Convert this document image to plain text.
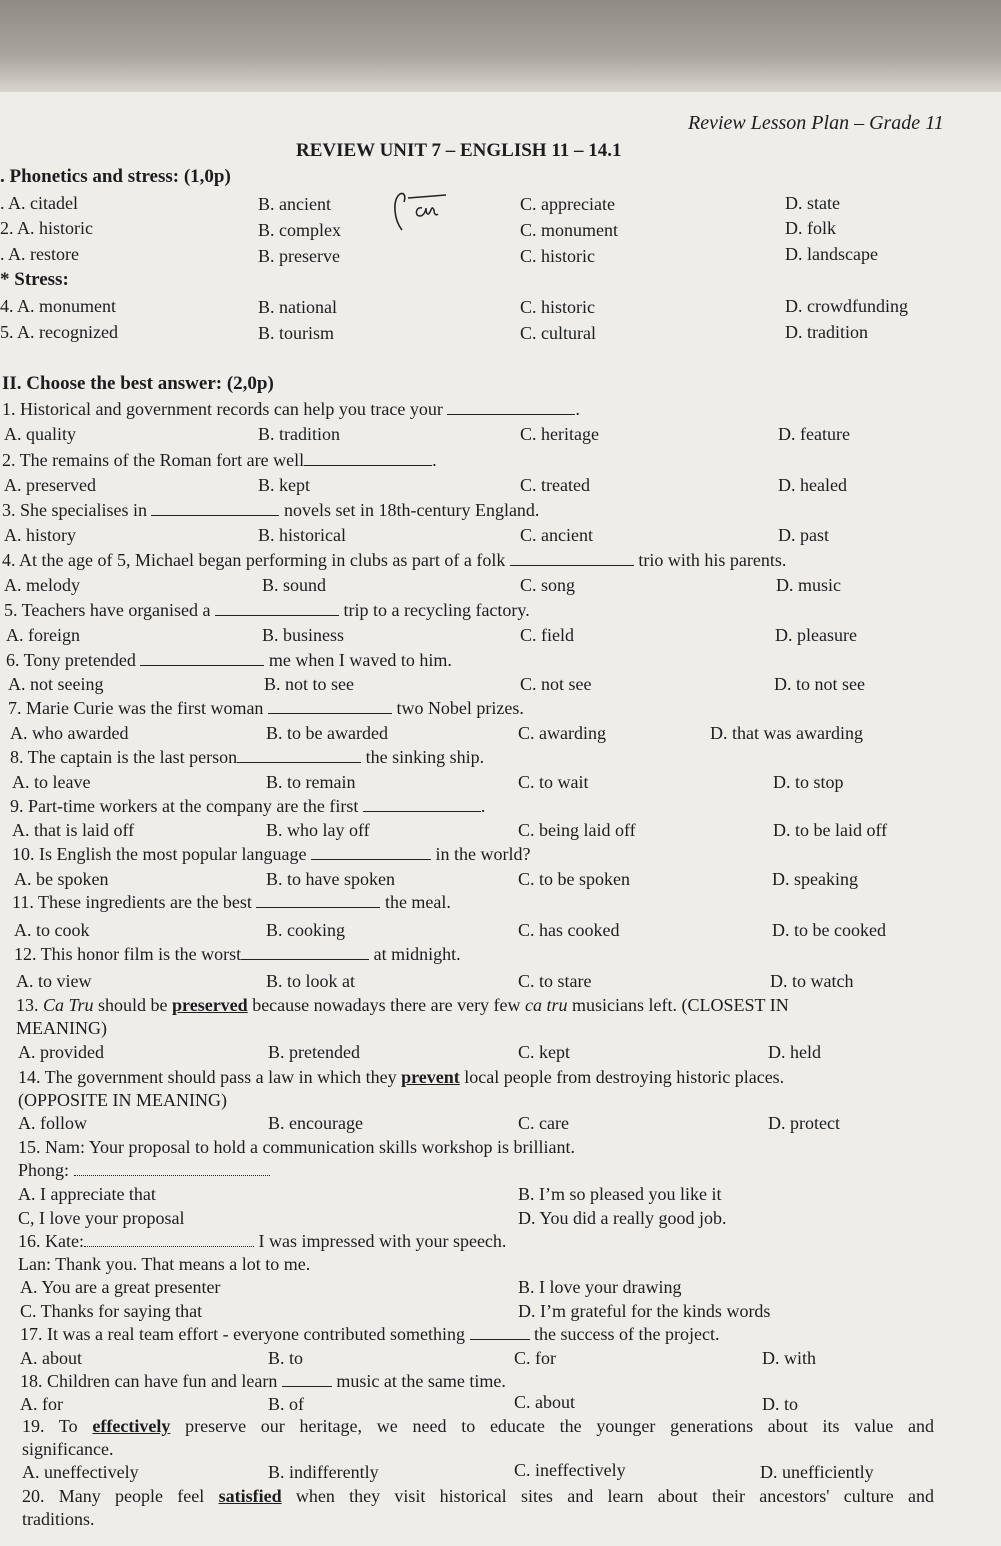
Review Lesson Plan – Grade 11
REVIEW UNIT 7 – ENGLISH 11 – 14.1
. Phonetics and stress: (1,0p)
. A. citadel	B. ancient	C. appreciate	D. state
2. A. historic	B. complex	C. monument	D. folk
. A. restore	B. preserve	C. historic	D. landscape
* Stress:
4. A. monument	B. national	C. historic	D. crowdfunding
5. A. recognized	B. tourism	C. cultural	D. tradition
II. Choose the best answer: (2,0p)
1. Historical and government records can help you trace your	.
A. quality	B. tradition	C. heritage	D. feature
2. The remains of the Roman fort are well	.
A. preserved	B. kept	C. treated	D. healed
3. She specialises in	novels set in 18th-century England.
A. history	B. historical	C. ancient	D. past
4. At the age of 5, Michael began performing in clubs as part of a folk	trio with his parents.
A. melody	B. sound	C. song	D. music
5. Teachers have organised a	trip to a recycling factory.
A. foreign	B. business	C. field	D. pleasure
6. Tony pretended	me when I waved to him.
A. not seeing	B. not to see	C. not see	D. to not see
7. Marie Curie was the first woman	two Nobel prizes.
A. who awarded	B. to be awarded	C. awarding	D. that was awarding
8. The captain is the last person	the sinking ship.
A. to leave	B. to remain	C. to wait	D. to stop
9. Part-time workers at the company are the first	.
A. that is laid off	B. who lay off	C. being laid off	D. to be laid off
10. Is English the most popular language	in the world?
A. be spoken	B. to have spoken	C. to be spoken	D. speaking
11. These ingredients are the best	the meal.
A. to cook	B. cooking	C. has cooked	D. to be cooked
12. This honor film is the worst	at midnight.
A. to view	B. to look at	C. to stare	D. to watch
13. Ca Tru should be preserved because nowadays there are very few ca tru musicians left. (CLOSEST IN
MEANING)
A. provided	B. pretended	C. kept	D. held
14. The government should pass a law in which they prevent local people from destroying historic places.
(OPPOSITE IN MEANING)
A. follow	B. encourage	C. care	D. protect
15. Nam: Your proposal to hold a communication skills workshop is brilliant.
Phong:
A. I appreciate that	B. I’m so pleased you like it
C, I love your proposal	D. You did a really good job.
16. Kate:	I was impressed with your speech.
Lan: Thank you. That means a lot to me.
A. You are a great presenter	B. I love your drawing
C. Thanks for saying that	D. I’m grateful for the kinds words
17. It was a real team effort - everyone contributed something	the success of the project.
A. about	B. to	C. for	D. with
18. Children can have fun and learn	music at the same time.
A. for	B. of	C. about	D. to
19. To effectively preserve our heritage, we need to educate the younger generations about its value and
significance.
A. uneffectively	B. indifferently	C. ineffectively	D. unefficiently
20. Many people feel satisfied when they visit historical sites and learn about their ancestors' culture and
traditions.
